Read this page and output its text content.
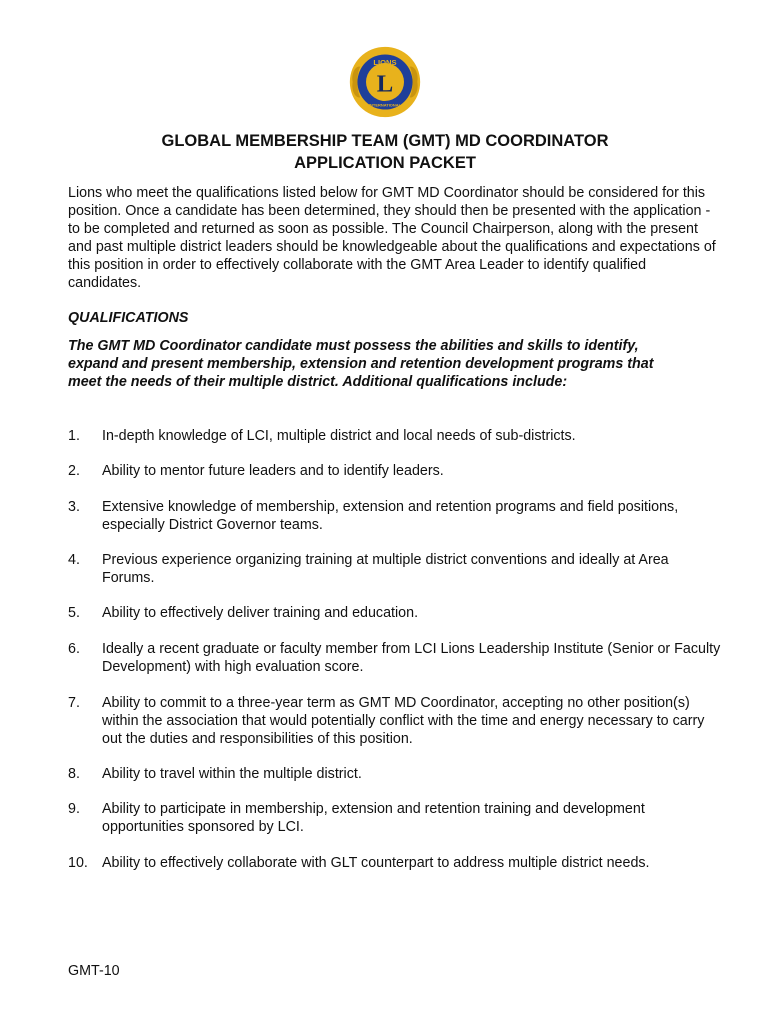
LIONS
L
INTERNATIONAL
GLOBAL MEMBERSHIP TEAM (GMT) MD COORDINATOR
APPLICATION PACKET
Lions who meet the qualifications listed below for GMT MD Coordinator should be considered for this position. Once a candidate has been determined, they should then be presented with the application - to be completed and returned as soon as possible. The Council Chairperson, along with the present and past multiple district leaders should be knowledgeable about the qualifications and expectations of this position in order to effectively collaborate with the GMT Area Leader to identify qualified candidates.
QUALIFICATIONS
The GMT MD Coordinator candidate must possess the abilities and skills to identify, expand and present membership, extension and retention development programs that meet the needs of their multiple district. Additional qualifications include:
1. In-depth knowledge of LCI, multiple district and local needs of sub-districts.
2. Ability to mentor future leaders and to identify leaders.
3. Extensive knowledge of membership, extension and retention programs and field positions, especially District Governor teams.
4. Previous experience organizing training at multiple district conventions and ideally at Area Forums.
5. Ability to effectively deliver training and education.
6. Ideally a recent graduate or faculty member from LCI Lions Leadership Institute (Senior or Faculty Development) with high evaluation score.
7. Ability to commit to a three-year term as GMT MD Coordinator, accepting no other position(s) within the association that would potentially conflict with the time and energy necessary to carry out the duties and responsibilities of this position.
8. Ability to travel within the multiple district.
9. Ability to participate in membership, extension and retention training and development opportunities sponsored by LCI.
10. Ability to effectively collaborate with GLT counterpart to address multiple district needs.
GMT-10
